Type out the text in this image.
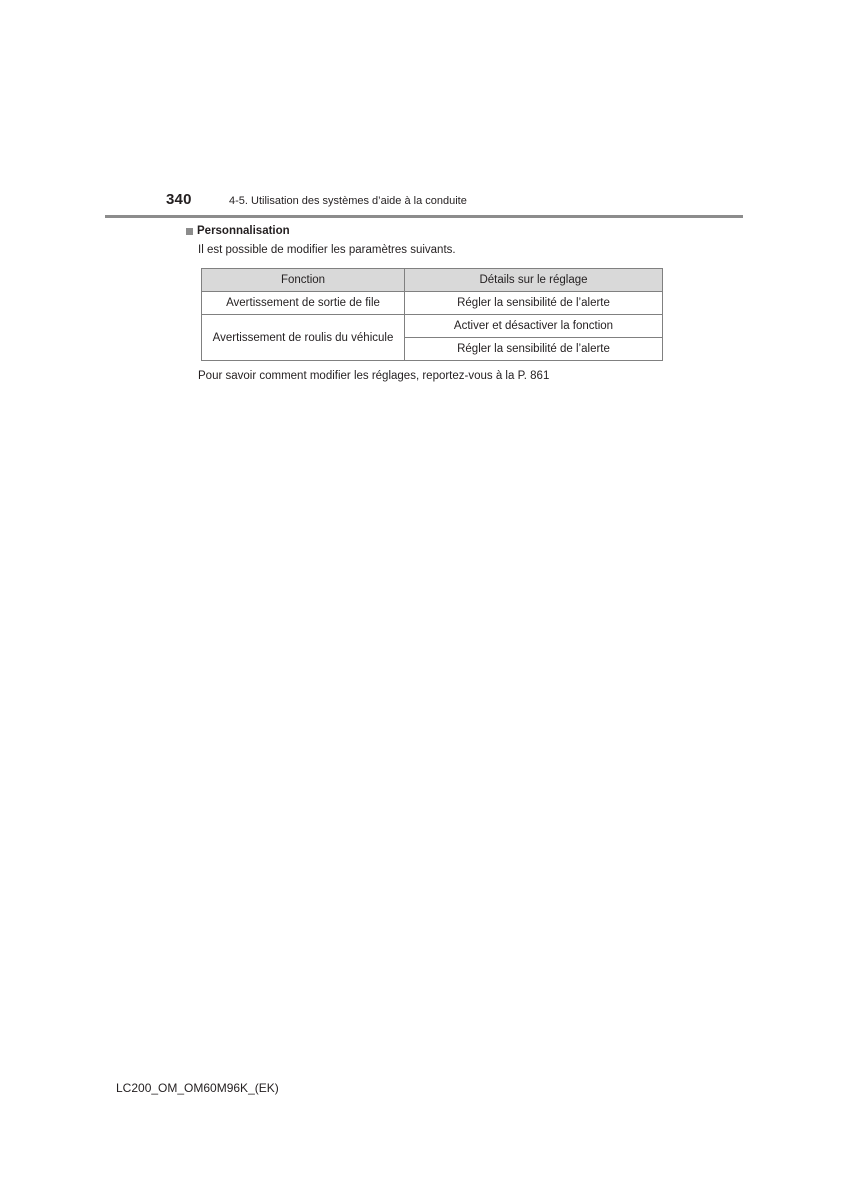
340	4-5. Utilisation des systèmes d’aide à la conduite
Personnalisation
Il est possible de modifier les paramètres suivants.
Fonction	Détails sur le réglage
Avertissement de sortie de file	Régler la sensibilité de l’alerte
Avertissement de roulis du véhicule	Activer et désactiver la fonction
	Régler la sensibilité de l’alerte
Pour savoir comment modifier les réglages, reportez-vous à la P. 861
LC200_OM_OM60M96K_(EK)
